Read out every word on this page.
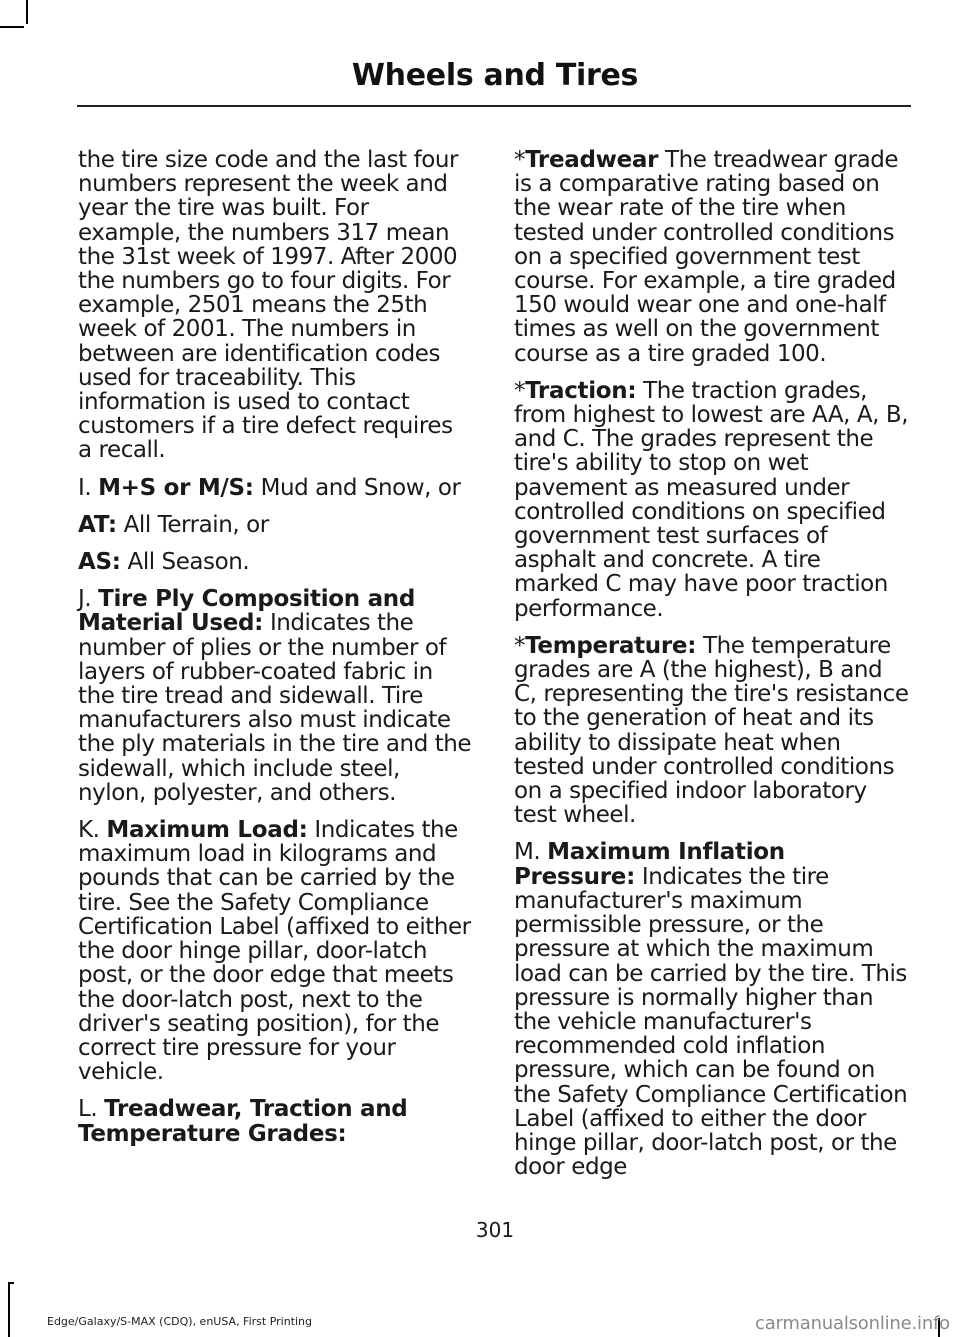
Wheels and Tires

the tire size code and the last four numbers represent the week and year the tire was built. For example, the numbers 317 mean the 31st week of 1997. After 2000 the numbers go to four digits. For example, 2501 means the 25th week of 2001. The numbers in between are identification codes used for traceability. This information is used to contact customers if a tire defect requires a recall.

I. M+S or M/S: Mud and Snow, or

AT: All Terrain, or

AS: All Season.

J. Tire Ply Composition and Material Used: Indicates the number of plies or the number of layers of rubber-coated fabric in the tire tread and sidewall. Tire manufacturers also must indicate the ply materials in the tire and the sidewall, which include steel, nylon, polyester, and others.

K. Maximum Load: Indicates the maximum load in kilograms and pounds that can be carried by the tire. See the Safety Compliance Certification Label (affixed to either the door hinge pillar, door-latch post, or the door edge that meets the door-latch post, next to the driver's seating position), for the correct tire pressure for your vehicle.

L. Treadwear, Traction and Temperature Grades:

*Treadwear The treadwear grade is a comparative rating based on the wear rate of the tire when tested under controlled conditions on a specified government test course. For example, a tire graded 150 would wear one and one-half times as well on the government course as a tire graded 100.

*Traction: The traction grades, from highest to lowest are AA, A, B, and C. The grades represent the tire's ability to stop on wet pavement as measured under controlled conditions on specified government test surfaces of asphalt and concrete. A tire marked C may have poor traction performance.

*Temperature: The temperature grades are A (the highest), B and C, representing the tire's resistance to the generation of heat and its ability to dissipate heat when tested under controlled conditions on a specified indoor laboratory test wheel.

M. Maximum Inflation Pressure: Indicates the tire manufacturer's maximum permissible pressure, or the pressure at which the maximum load can be carried by the tire. This pressure is normally higher than the vehicle manufacturer's recommended cold inflation pressure, which can be found on the Safety Compliance Certification Label (affixed to either the door hinge pillar, door-latch post, or the door edge

301
Edge/Galaxy/S-MAX (CDQ), enUSA, First Printing	carmanualsonline.info
